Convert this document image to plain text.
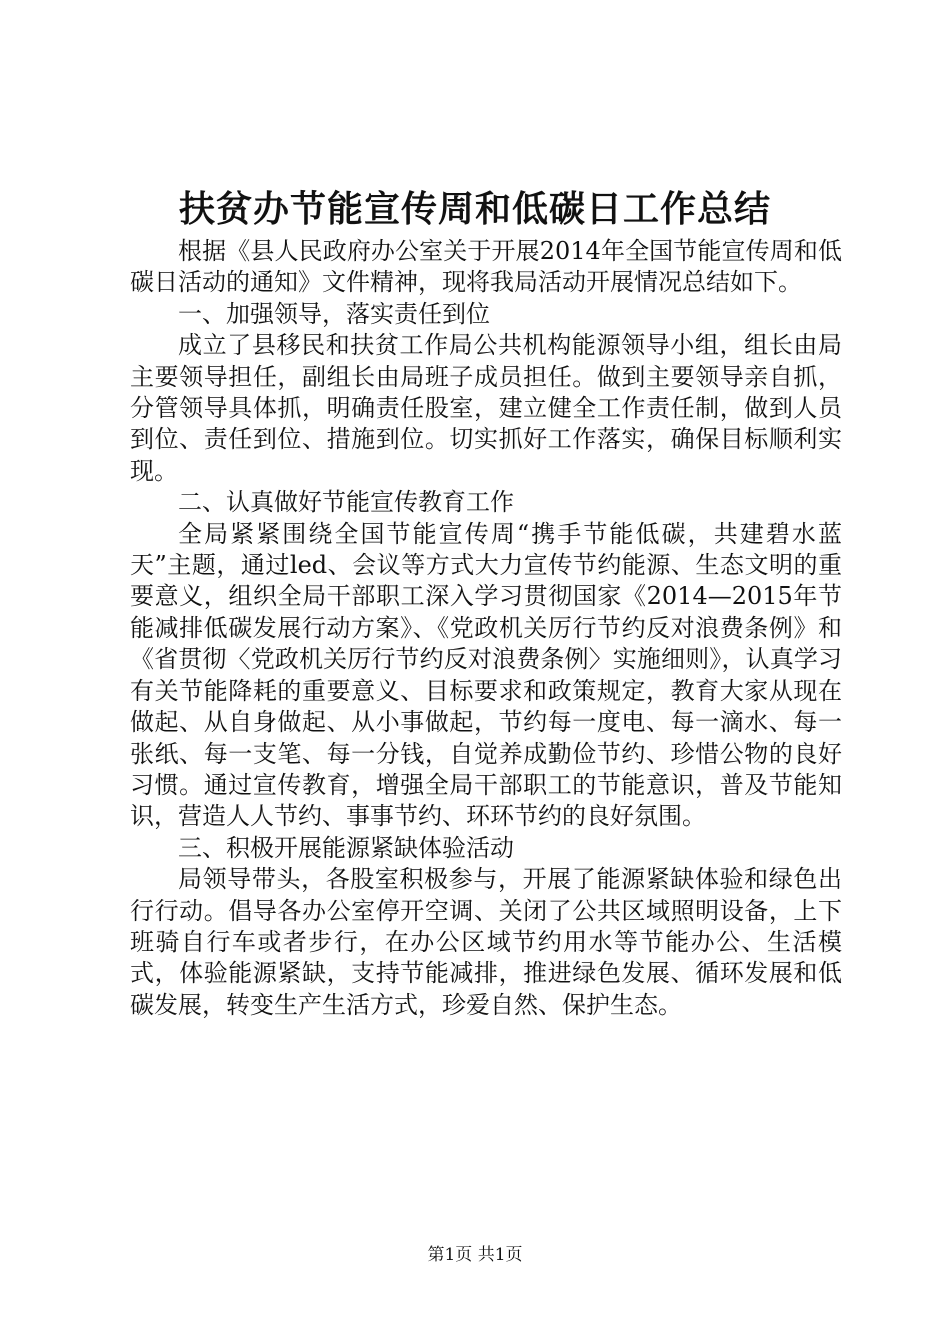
扶贫办节能宣传周和低碳日工作总结

根据《县人民政府办公室关于开展2014年全国节能宣传周和低碳日活动的通知》文件精神，现将我局活动开展情况总结如下。

一、加强领导，落实责任到位

成立了县移民和扶贫工作局公共机构能源领导小组，组长由局主要领导担任，副组长由局班子成员担任。做到主要领导亲自抓，分管领导具体抓，明确责任股室，建立健全工作责任制，做到人员到位、责任到位、措施到位。切实抓好工作落实，确保目标顺利实现。

二、认真做好节能宣传教育工作

全局紧紧围绕全国节能宣传周“携手节能低碳，共建碧水蓝天”主题，通过led、会议等方式大力宣传节约能源、生态文明的重要意义，组织全局干部职工深入学习贯彻国家《2014—2015年节能减排低碳发展行动方案》、《党政机关厉行节约反对浪费条例》和《省贯彻〈党政机关厉行节约反对浪费条例〉实施细则》，认真学习有关节能降耗的重要意义、目标要求和政策规定，教育大家从现在做起、从自身做起、从小事做起，节约每一度电、每一滴水、每一张纸、每一支笔、每一分钱，自觉养成勤俭节约、珍惜公物的良好习惯。通过宣传教育，增强全局干部职工的节能意识，普及节能知识，营造人人节约、事事节约、环环节约的良好氛围。

三、积极开展能源紧缺体验活动

局领导带头，各股室积极参与，开展了能源紧缺体验和绿色出行行动。倡导各办公室停开空调、关闭了公共区域照明设备，上下班骑自行车或者步行，在办公区域节约用水等节能办公、生活模式，体验能源紧缺，支持节能减排，推进绿色发展、循环发展和低碳发展，转变生产生活方式，珍爱自然、保护生态。

第1页 共1页
